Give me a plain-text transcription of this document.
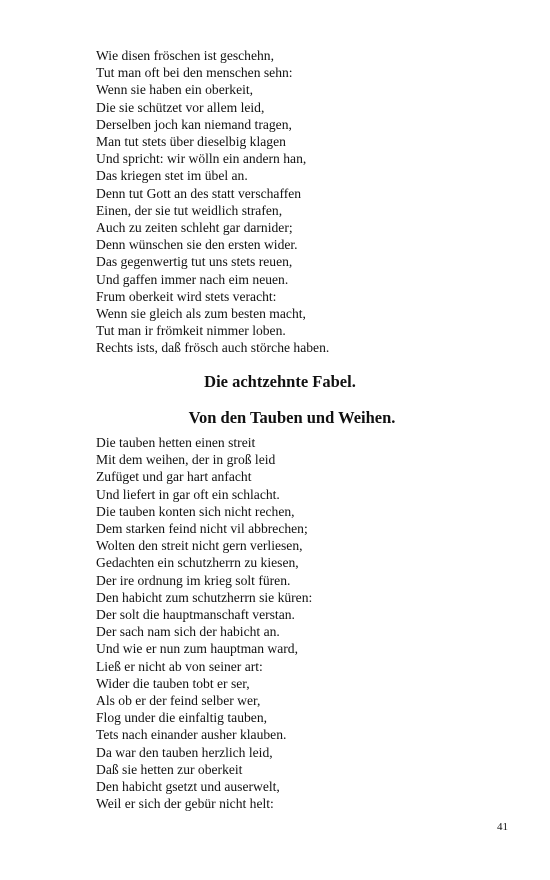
Wie disen fröschen ist geschehn,
Tut man oft bei den menschen sehn:
Wenn sie haben ein oberkeit,
Die sie schützet vor allem leid,
Derselben joch kan niemand tragen,
Man tut stets über dieselbig klagen
Und spricht: wir wölln ein andern han,
Das kriegen stet im übel an.
Denn tut Gott an des statt verschaffen
Einen, der sie tut weidlich strafen,
Auch zu zeiten schleht gar darnider;
Denn wünschen sie den ersten wider.
Das gegenwertig tut uns stets reuen,
Und gaffen immer nach eim neuen.
Frum oberkeit wird stets veracht:
Wenn sie gleich als zum besten macht,
Tut man ir frömkeit nimmer loben.
Rechts ists, daß frösch auch störche haben.
Die achtzehnte Fabel.
Von den Tauben und Weihen.
Die tauben hetten einen streit
Mit dem weihen, der in groß leid
Zufüget und gar hart anfacht
Und liefert in gar oft ein schlacht.
Die tauben konten sich nicht rechen,
Dem starken feind nicht vil abbrechen;
Wolten den streit nicht gern verliesen,
Gedachten ein schutzherrn zu kiesen,
Der ire ordnung im krieg solt füren.
Den habicht zum schutzherrn sie küren:
Der solt die hauptmanschaft verstan.
Der sach nam sich der habicht an.
Und wie er nun zum hauptman ward,
Ließ er nicht ab von seiner art:
Wider die tauben tobt er ser,
Als ob er der feind selber wer,
Flog under die einfaltig tauben,
Tets nach einander ausher klauben.
Da war den tauben herzlich leid,
Daß sie hetten zur oberkeit
Den habicht gsetzt und auserwelt,
Weil er sich der gebür nicht helt:
41
